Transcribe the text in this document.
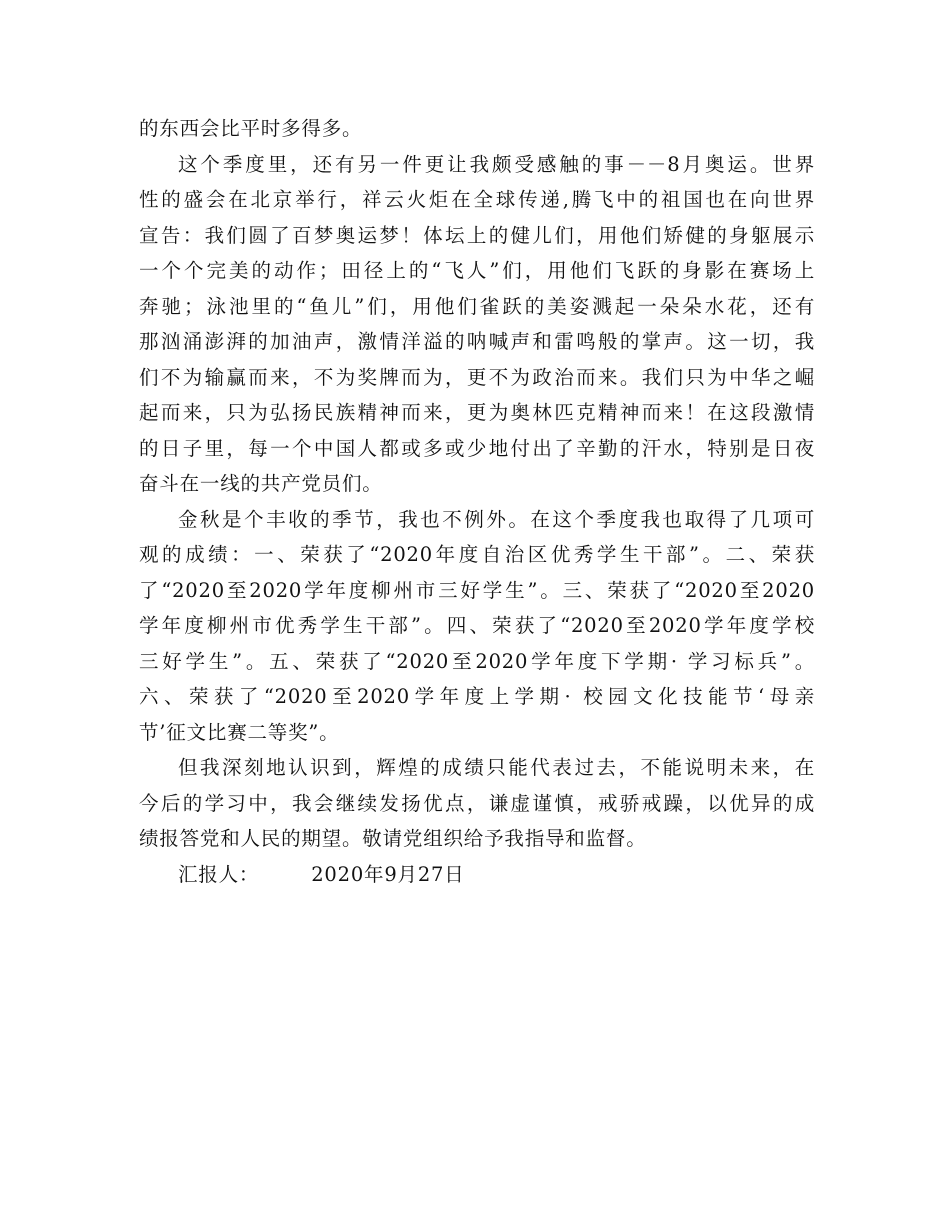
的东西会比平时多得多。

这个季度里，还有另一件更让我颇受感触的事－－8月奥运。世界
性的盛会在北京举行，祥云火炬在全球传递,腾飞中的祖国也在向世界
宣告：我们圆了百梦奥运梦！体坛上的健儿们，用他们矫健的身躯展示
一个个完美的动作；田径上的“飞人”们，用他们飞跃的身影在赛场上
奔驰；泳池里的“鱼儿”们，用他们雀跃的美姿溅起一朵朵水花，还有
那汹涌澎湃的加油声，激情洋溢的呐喊声和雷鸣般的掌声。这一切，我
们不为输赢而来，不为奖牌而为，更不为政治而来。我们只为中华之崛
起而来，只为弘扬民族精神而来，更为奥林匹克精神而来！在这段激情
的日子里，每一个中国人都或多或少地付出了辛勤的汗水，特别是日夜
奋斗在一线的共产党员们。

金秋是个丰收的季节，我也不例外。在这个季度我也取得了几项可
观的成绩：一、荣获了“2020年度自治区优秀学生干部”。二、荣获
了“2020至2020学年度柳州市三好学生”。三、荣获了“2020至2020
学年度柳州市优秀学生干部”。四、荣获了“2020至2020学年度学校
三好学生”。五、荣获了“2020至2020学年度下学期· 学习标兵”。
六、荣获了“2020至2020学年度上学期· 校园文化技能节‘母亲
节’征文比赛二等奖”。

但我深刻地认识到，辉煌的成绩只能代表过去，不能说明未来，在
今后的学习中，我会继续发扬优点，谦虚谨慎，戒骄戒躁，以优异的成
绩报答党和人民的期望。敬请党组织给予我指导和监督。

汇报人：	2020年9月27日
